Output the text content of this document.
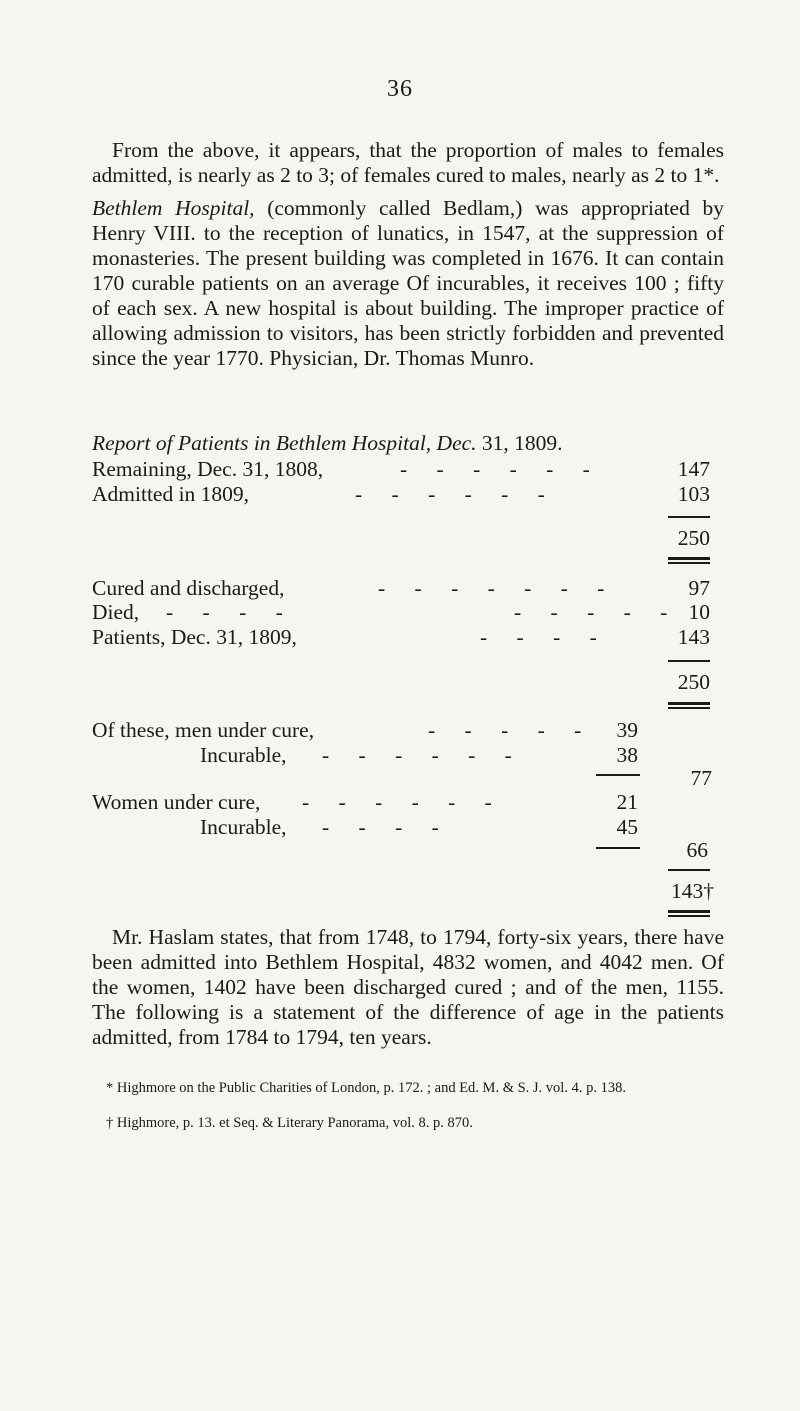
36

From the above, it appears, that the proportion of males to females admitted, is nearly as 2 to 3; of females cured to males, nearly as 2 to 1*.

Bethlem Hospital, (commonly called Bedlam,) was appropriated by Henry VIII. to the reception of lunatics, in 1547, at the suppression of monasteries. The present building was completed in 1676. It can contain 170 curable patients on an average Of incurables, it receives 100 ; fifty of each sex. A new hospital is about building. The improper practice of allowing admission to visitors, has been strictly forbidden and prevented since the year 1770. Physician, Dr. Thomas Munro.

Report of Patients in Bethlem Hospital, Dec. 31, 1809.
Remaining, Dec. 31, 1808,	- - - - - -	147
Admitted in 1809,	- - - - - -	103
250
Cured and discharged,	- - - - - - -	97
Died, - - - -	- - - - - 10
Patients, Dec. 31, 1809,	- - - -	143
250
Of these, men under cure,	- - - - -	39
Incurable, - - - - - -	38
77
Women under cure, - - - - - -	21
Incurable, - - - -	45
66
143†

Mr. Haslam states, that from 1748, to 1794, forty-six years, there have been admitted into Bethlem Hospital, 4832 women, and 4042 men. Of the women, 1402 have been discharged cured ; and of the men, 1155. The following is a statement of the difference of age in the patients admitted, from 1784 to 1794, ten years.

* Highmore on the Public Charities of London, p. 172. ; and Ed. M. & S. J. vol. 4. p. 138.

† Highmore, p. 13. et Seq. & Literary Panorama, vol. 8. p. 870.
